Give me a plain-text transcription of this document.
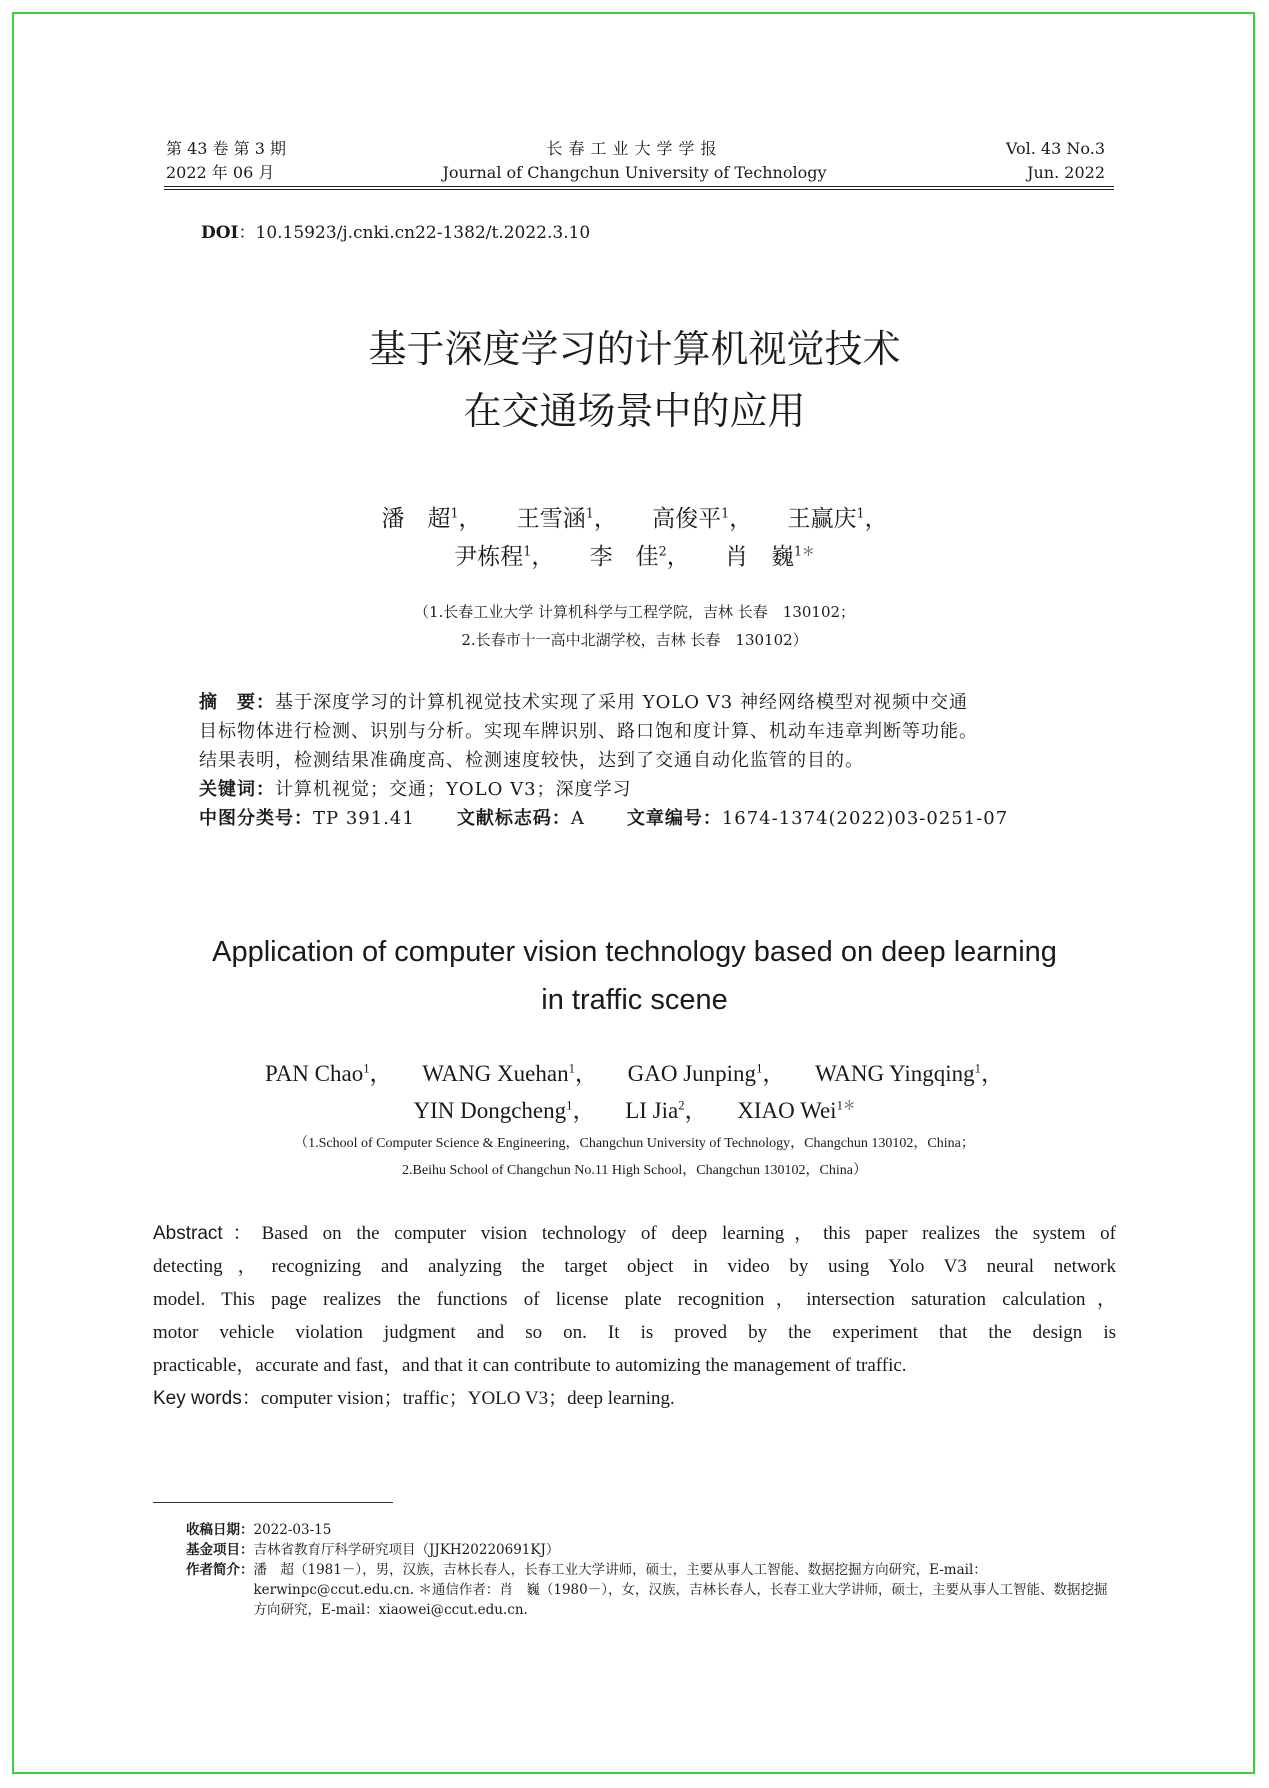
第 43 卷 第 3 期
2022 年 06 月
长春工业大学学报
Journal of Changchun University of Technology
Vol. 43 No.3
Jun. 2022
DOI：10.15923/j.cnki.cn22-1382/t.2022.3.10
基于深度学习的计算机视觉技术
在交通场景中的应用
潘　超$^1$， 王雪涵$^1$， 高俊平$^1$， 王赢庆$^1$，
尹栋程$^1$， 李　佳$^2$， 肖　巍$^{1*}$
（1.长春工业大学 计算机科学与工程学院，吉林 长春　130102；
2.长春市十一高中北湖学校，吉林 长春　130102）
摘　要：基于深度学习的计算机视觉技术实现了采用 YOLO V3 神经网络模型对视频中交通
目标物体进行检测、识别与分析。实现车牌识别、路口饱和度计算、机动车违章判断等功能。
结果表明，检测结果准确度高、检测速度较快，达到了交通自动化监管的目的。
关键词：计算机视觉；交通；YOLO V3；深度学习
中图分类号：TP 391.41 文献标志码：A 文章编号：1674-1374(2022)03-0251-07
Application of computer vision technology based on deep learning
in traffic scene
PAN Chao$^1$， WANG Xuehan$^1$， GAO Junping$^1$， WANG Yingqing$^1$，
YIN Dongcheng$^1$， LI Jia$^2$， XIAO Wei$^{1*}$
（1.School of Computer Science & Engineering，Changchun University of Technology，Changchun 130102，China；
2.Beihu School of Changchun No.11 High School，Changchun 130102，China）
Abstract：Based on the computer vision technology of deep learning，this paper realizes the system of
detecting，recognizing and analyzing the target object in video by using Yolo V3 neural network
model. This page realizes the functions of license plate recognition，intersection saturation calculation，
motor vehicle violation judgment and so on. It is proved by the experiment that the design is
practicable，accurate and fast，and that it can contribute to automizing the management of traffic.
Key words：computer vision；traffic；YOLO V3；deep learning.
收稿日期： 2022-03-15
基金项目： 吉林省教育厅科学研究项目（JJKH20220691KJ）
作者简介： 潘　超（1981－），男，汉族，吉林长春人，长春工业大学讲师，硕士，主要从事人工智能、数据挖掘方向研究，E-mail：kerwinpc@ccut.edu.cn. ＊通信作者：肖　巍（1980－），女，汉族，吉林长春人，长春工业大学讲师，硕士，主要从事人工智能、数据挖掘方向研究，E-mail：xiaowei@ccut.edu.cn.
